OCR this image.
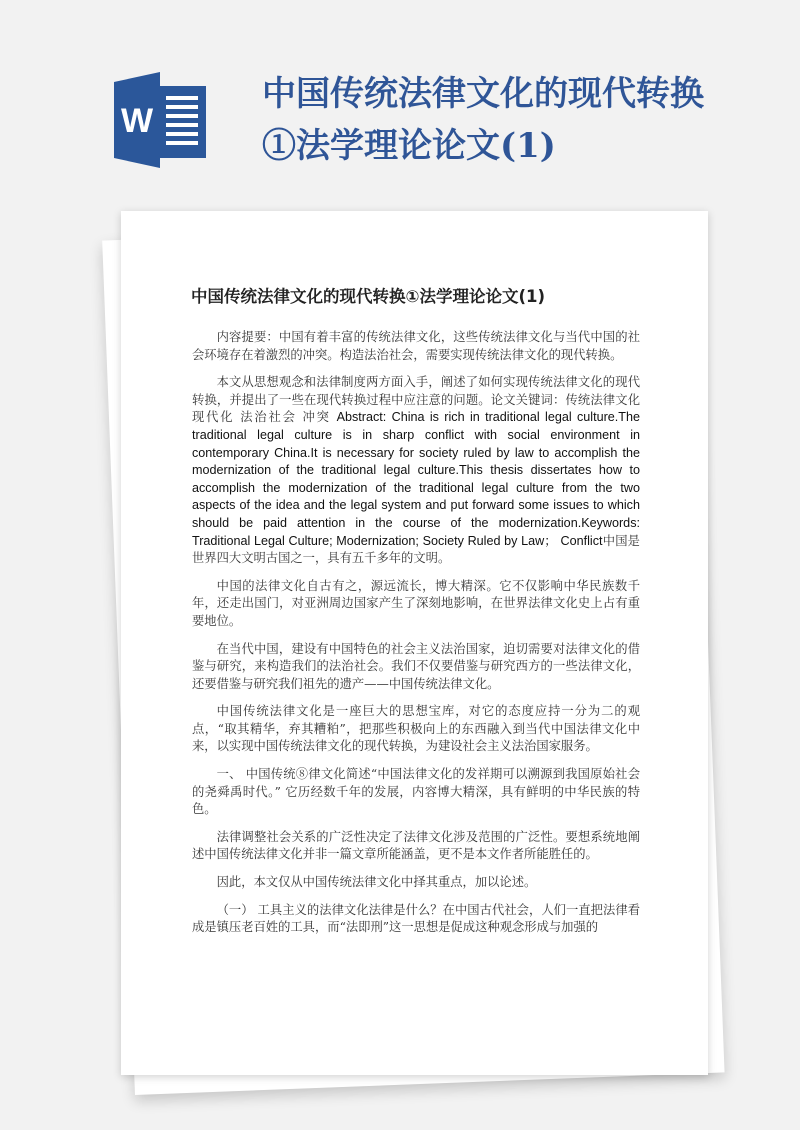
W
中国传统法律文化的现代转换
①法学理论论文(1)
中国传统法律文化的现代转换①法学理论论文(1)

内容提要：中国有着丰富的传统法律文化，这些传统法律文化与当代中国的社会环境存在着激烈的冲突。构造法治社会，需要实现传统法律文化的现代转换。

本文从思想观念和法律制度两方面入手，阐述了如何实现传统法律文化的现代转换，并提出了一些在现代转换过程中应注意的问题。论文关键词：传统法律文化 现代化 法治社会 冲突 Abstract: China is rich in traditional legal culture.The traditional legal culture is in sharp conflict with social environment in contemporary China.It is necessary for society ruled by law to accomplish the modernization of the traditional legal culture.This thesis dissertates how to accomplish the modernization of the traditional legal culture from the two aspects of the idea and the legal system and put forward some issues to which should be paid attention in the course of the modernization.Keywords: Traditional Legal Culture; Modernization; Society Ruled by Law； Conflict中国是世界四大文明古国之一，具有五千多年的文明。

中国的法律文化自古有之，源远流长，博大精深。它不仅影响中华民族数千年，还走出国门，对亚洲周边国家产生了深刻地影响，在世界法律文化史上占有重要地位。

在当代中国，建设有中国特色的社会主义法治国家，迫切需要对法律文化的借鉴与研究，来构造我们的法治社会。我们不仅要借鉴与研究西方的一些法律文化，还要借鉴与研究我们祖先的遗产——中国传统法律文化。

中国传统法律文化是一座巨大的思想宝库，对它的态度应持一分为二的观点，“取其精华，弃其糟粕”，把那些积极向上的东西融入到当代中国法律文化中来，以实现中国传统法律文化的现代转换，为建设社会主义法治国家服务。

一、 中国传统⑧律文化简述“中国法律文化的发祥期可以溯源到我国原始社会的尧舜禹时代。” 它历经数千年的发展，内容博大精深，具有鲜明的中华民族的特色。

法律调整社会关系的广泛性决定了法律文化涉及范围的广泛性。要想系统地阐述中国传统法律文化并非一篇文章所能涵盖，更不是本文作者所能胜任的。

因此，本文仅从中国传统法律文化中择其重点，加以论述。

（一） 工具主义的法律文化法律是什么？在中国古代社会，人们一直把法律看成是镇压老百姓的工具，而“法即刑”这一思想是促成这种观念形成与加强的
